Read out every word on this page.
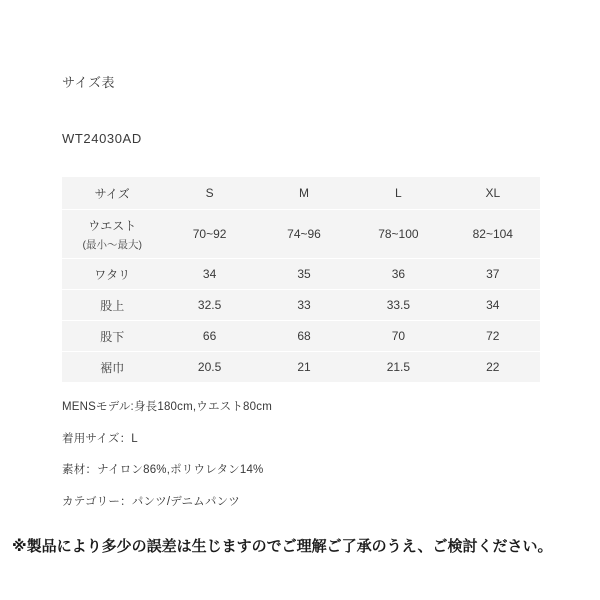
サイズ表
WT24030AD
サイズ	S	M	L	XL
ウエスト
(最小〜最大)	70~92	74~96	78~100	82~104
ワタリ	34	35	36	37
股上	32.5	33	33.5	34
股下	66	68	70	72
裾巾	20.5	21	21.5	22
MENSモデル:身長180cm,ウエスト80cm
着用サイズ：L
素材：ナイロン86%,ポリウレタン14%
カテゴリー：パンツ/デニムパンツ
※製品により多少の誤差は生じますのでご理解ご了承のうえ、ご検討ください。
